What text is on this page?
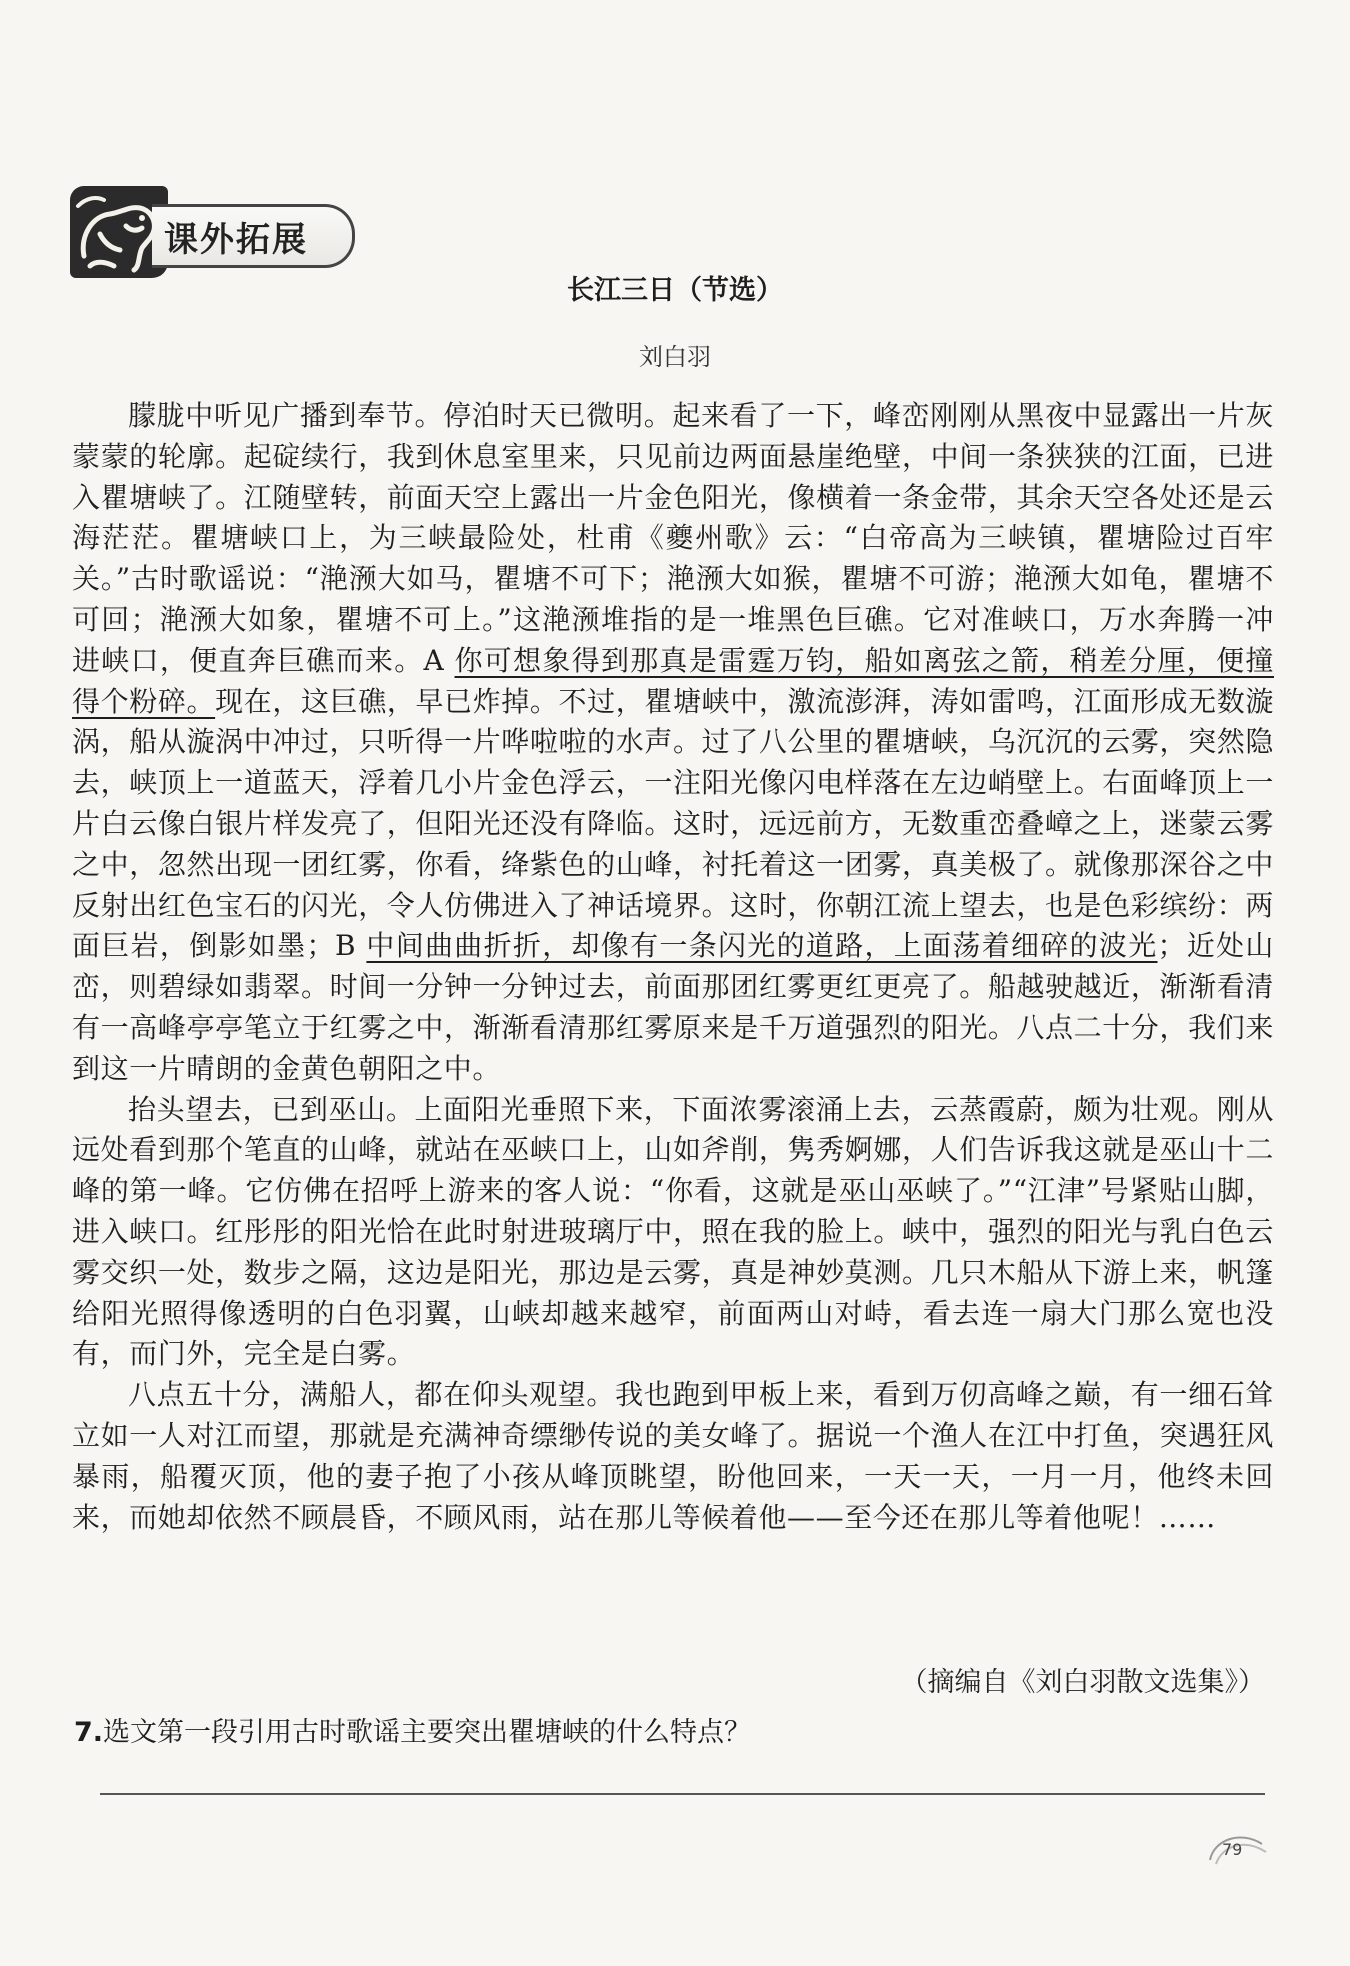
课外拓展
长江三日（节选）
刘白羽

朦胧中听见广播到奉节。停泊时天已微明。起来看了一下，峰峦刚刚从黑夜中显露出一片灰蒙蒙的轮廓。起碇续行，我到休息室里来，只见前边两面悬崖绝壁，中间一条狭狭的江面，已进入瞿塘峡了。江随壁转，前面天空上露出一片金色阳光，像横着一条金带，其余天空各处还是云海茫茫。瞿塘峡口上，为三峡最险处，杜甫《夔州歌》云：“白帝高为三峡镇，瞿塘险过百牢关。”古时歌谣说：“滟滪大如马，瞿塘不可下；滟滪大如猴，瞿塘不可游；滟滪大如龟，瞿塘不可回；滟滪大如象，瞿塘不可上。”这滟滪堆指的是一堆黑色巨礁。它对准峡口，万水奔腾一冲进峡口，便直奔巨礁而来。A 你可想象得到那真是雷霆万钧，船如离弦之箭，稍差分厘，便撞得个粉碎。现在，这巨礁，早已炸掉。不过，瞿塘峡中，激流澎湃，涛如雷鸣，江面形成无数漩涡，船从漩涡中冲过，只听得一片哗啦啦的水声。过了八公里的瞿塘峡，乌沉沉的云雾，突然隐去，峡顶上一道蓝天，浮着几小片金色浮云，一注阳光像闪电样落在左边峭壁上。右面峰顶上一片白云像白银片样发亮了，但阳光还没有降临。这时，远远前方，无数重峦叠嶂之上，迷蒙云雾之中，忽然出现一团红雾，你看，绛紫色的山峰，衬托着这一团雾，真美极了。就像那深谷之中反射出红色宝石的闪光，令人仿佛进入了神话境界。这时，你朝江流上望去，也是色彩缤纷：两面巨岩，倒影如墨；B 中间曲曲折折，却像有一条闪光的道路，上面荡着细碎的波光；近处山峦，则碧绿如翡翠。时间一分钟一分钟过去，前面那团红雾更红更亮了。船越驶越近，渐渐看清有一高峰亭亭笔立于红雾之中，渐渐看清那红雾原来是千万道强烈的阳光。八点二十分，我们来到这一片晴朗的金黄色朝阳之中。

抬头望去，已到巫山。上面阳光垂照下来，下面浓雾滚涌上去，云蒸霞蔚，颇为壮观。刚从远处看到那个笔直的山峰，就站在巫峡口上，山如斧削，隽秀婀娜，人们告诉我这就是巫山十二峰的第一峰。它仿佛在招呼上游来的客人说：“你看，这就是巫山巫峡了。”“江津”号紧贴山脚，进入峡口。红彤彤的阳光恰在此时射进玻璃厅中，照在我的脸上。峡中，强烈的阳光与乳白色云雾交织一处，数步之隔，这边是阳光，那边是云雾，真是神妙莫测。几只木船从下游上来，帆篷给阳光照得像透明的白色羽翼，山峡却越来越窄，前面两山对峙，看去连一扇大门那么宽也没有，而门外，完全是白雾。

八点五十分，满船人，都在仰头观望。我也跑到甲板上来，看到万仞高峰之巅，有一细石耸立如一人对江而望，那就是充满神奇缥缈传说的美女峰了。据说一个渔人在江中打鱼，突遇狂风暴雨，船覆灭顶，他的妻子抱了小孩从峰顶眺望，盼他回来，一天一天，一月一月，他终未回来，而她却依然不顾晨昏，不顾风雨，站在那儿等候着他——至今还在那儿等着他呢！……

（摘编自《刘白羽散文选集》）
7.选文第一段引用古时歌谣主要突出瞿塘峡的什么特点？
79
